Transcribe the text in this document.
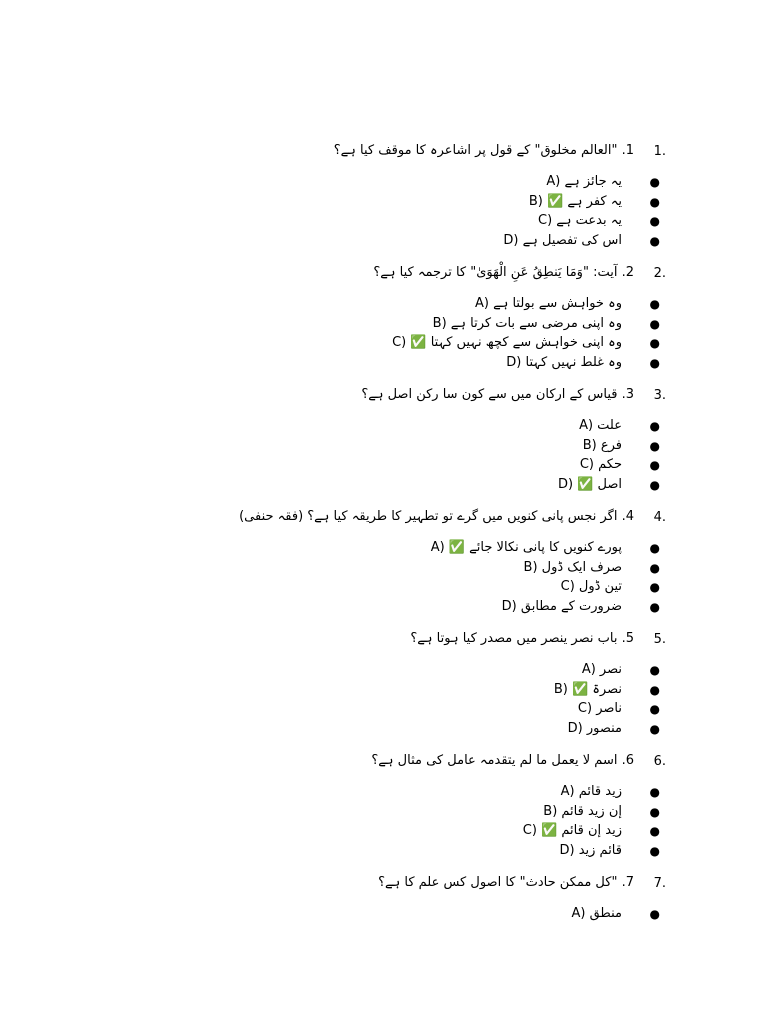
1.
1. "العالم مخلوق" کے قول پر اشاعرہ کا موقف کیا ہے؟
●
A) یہ جائز ہے
●
B) ✅ یہ کفر ہے
●
C) یہ بدعت ہے
●
D) اس کی تفصیل ہے
2.
2. آیت: "وَمَا يَنطِقُ عَنِ الْهَوَىٰ" کا ترجمہ کیا ہے؟
●
A) وہ خواہش سے بولتا ہے
●
B) وہ اپنی مرضی سے بات کرتا ہے
●
C) ✅ وہ اپنی خواہش سے کچھ نہیں کہتا
●
D) وہ غلط نہیں کہتا
3.
3. قیاس کے ارکان میں سے کون سا رکن اصل ہے؟
●
A) علت
●
B) فرع
●
C) حکم
●
D) ✅ اصل
4.
4. اگر نجس پانی کنویں میں گرے تو تطہیر کا طریقہ کیا ہے؟ (فقہ حنفی)
●
A) ✅ پورے کنویں کا پانی نکالا جائے
●
B) صرف ایک ڈول
●
C) تین ڈول
●
D) ضرورت کے مطابق
5.
5. باب نصر ینصر میں مصدر کیا ہوتا ہے؟
●
A) نصر
●
B) ✅ نصرۃ
●
C) ناصر
●
D) منصور
6.
6. اسم لا یعمل ما لم یتقدمہ عامل کی مثال ہے؟
●
A) زید قائم
●
B) إن زید قائم
●
C) ✅ زید إن قائم
●
D) قائم زید
7.
7. "کل ممکن حادث" کا اصول کس علم کا ہے؟
●
A) منطق
